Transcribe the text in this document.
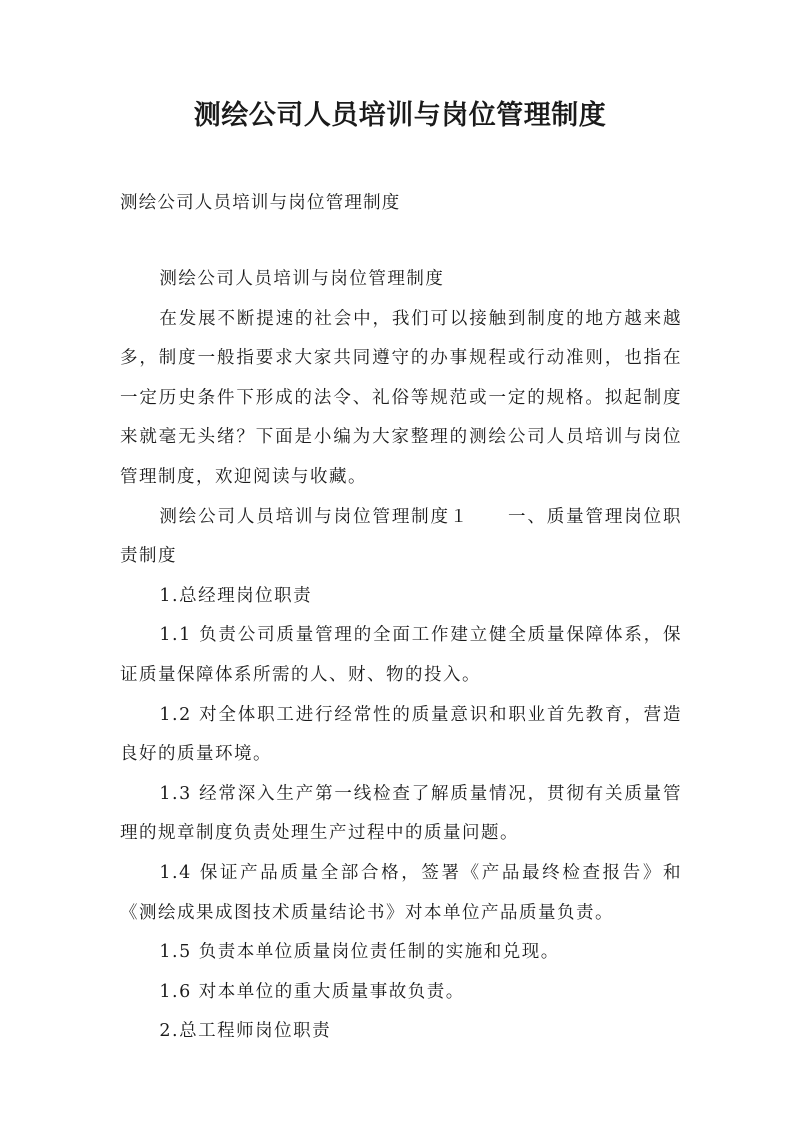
测绘公司人员培训与岗位管理制度
测绘公司人员培训与岗位管理制度

测绘公司人员培训与岗位管理制度

在发展不断提速的社会中，我们可以接触到制度的地方越来越多，制度一般指要求大家共同遵守的办事规程或行动准则，也指在一定历史条件下形成的法令、礼俗等规范或一定的规格。拟起制度来就毫无头绪？下面是小编为大家整理的测绘公司人员培训与岗位管理制度，欢迎阅读与收藏。

测绘公司人员培训与岗位管理制度１　　一、质量管理岗位职责制度

1.总经理岗位职责

1.1 负责公司质量管理的全面工作建立健全质量保障体系，保证质量保障体系所需的人、财、物的投入。

1.2 对全体职工进行经常性的质量意识和职业首先教育，营造良好的质量环境。

1.3 经常深入生产第一线检查了解质量情况，贯彻有关质量管理的规章制度负责处理生产过程中的质量问题。

1.4 保证产品质量全部合格，签署《产品最终检查报告》和《测绘成果成图技术质量结论书》对本单位产品质量负责。

1.5 负责本单位质量岗位责任制的实施和兑现。

1.6 对本单位的重大质量事故负责。

2.总工程师岗位职责
